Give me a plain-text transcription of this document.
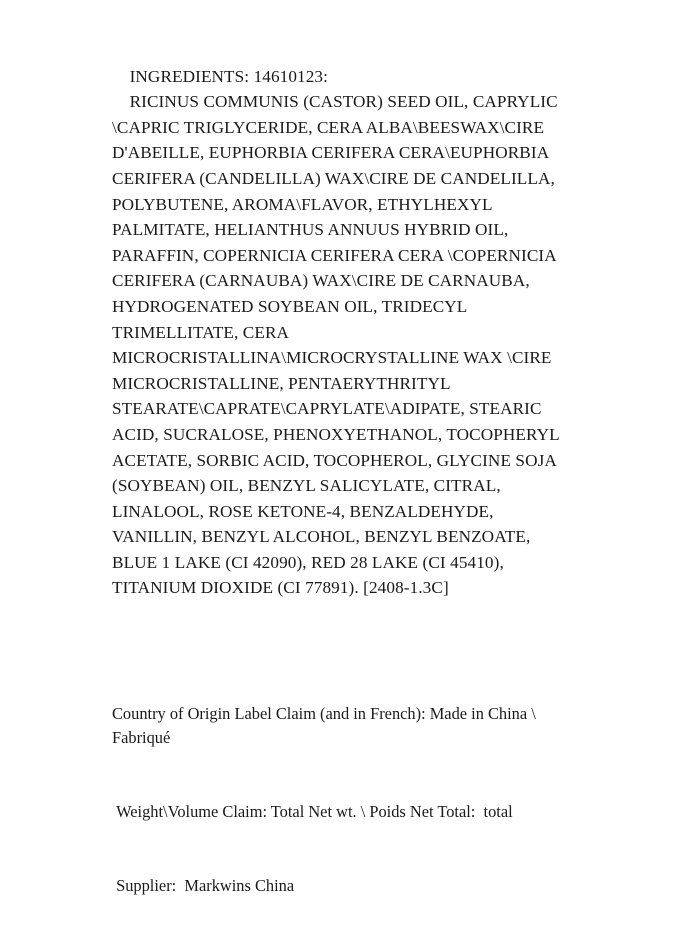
INGREDIENTS: 14610123:
RICINUS COMMUNIS (CASTOR) SEED OIL, CAPRYLIC \CAPRIC TRIGLYCERIDE, CERA ALBA\BEESWAX\CIRE D'ABEILLE, EUPHORBIA CERIFERA CERA\EUPHORBIA CERIFERA (CANDELILLA) WAX\CIRE DE CANDELILLA, POLYBUTENE, AROMA\FLAVOR, ETHYLHEXYL PALMITATE, HELIANTHUS ANNUUS HYBRID OIL, PARAFFIN, COPERNICIA CERIFERA CERA \COPERNICIA CERIFERA (CARNAUBA) WAX\CIRE DE CARNAUBA, HYDROGENATED SOYBEAN OIL, TRIDECYL TRIMELLITATE, CERA MICROCRISTALLINA\MICROCRYSTALLINE WAX \CIRE MICROCRISTALLINE, PENTAERYTHRITYL STEARATE\CAPRATE\CAPRYLATE\ADIPATE, STEARIC ACID, SUCRALOSE, PHENOXYETHANOL, TOCOPHERYL ACETATE, SORBIC ACID, TOCOPHEROL, GLYCINE SOJA (SOYBEAN) OIL, BENZYL SALICYLATE, CITRAL, LINALOOL, ROSE KETONE-4, BENZALDEHYDE, VANILLIN, BENZYL ALCOHOL, BENZYL BENZOATE, BLUE 1 LAKE (CI 42090), RED 28 LAKE (CI 45410), TITANIUM DIOXIDE (CI 77891). [2408-1.3C]

Country of Origin Label Claim (and in French): Made in China \ Fabriqué

Weight\Volume Claim: Total Net wt. \ Poids Net Total:  total

Supplier:  Markwins China
